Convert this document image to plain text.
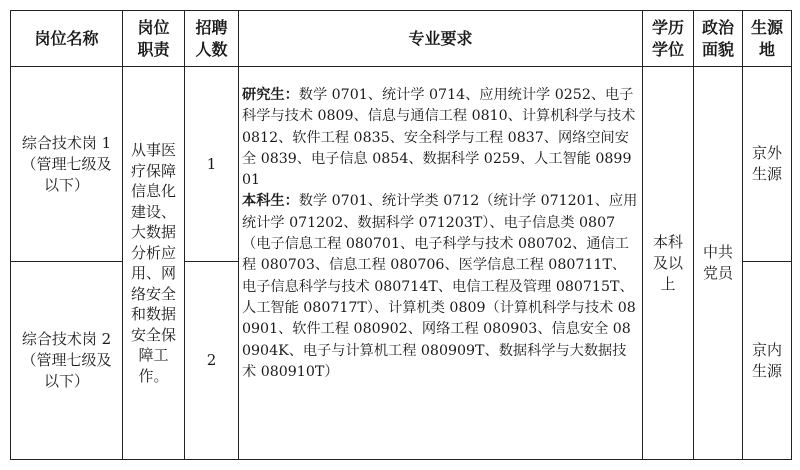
岗位名称
岗位职责
招聘人数
专业要求
学历学位
政治面貌
生源地
综合技术岗 1（管理七级及以下）
1
京外生源
综合技术岗 2（管理七级及以下）
2
京内生源
从事医疗保障信息化建设、大数据分析应用、网络安全和数据安全保障工作。
研究生：数学 0701、统计学 0714、应用统计学 0252、电子科学与技术 0809、信息与通信工程 0810、计算机科学与技术 0812、软件工程 0835、安全科学与工程 0837、网络空间安全 0839、电子信息 0854、数据科学 0259、人工智能 089901
本科生：数学 0701、统计学类 0712（统计学 071201、应用统计学 071202、数据科学 071203T）、电子信息类 0807（电子信息工程 080701、电子科学与技术 080702、通信工程 080703、信息工程 080706、医学信息工程 080711T、电子信息科学与技术 080714T、电信工程及管理 080715T、人工智能 080717T）、计算机类 0809（计算机科学与技术 080901、软件工程 080902、网络工程 080903、信息安全 080904K、电子与计算机工程 080909T、数据科学与大数据技术 080910T）
本科及以上
中共党员
